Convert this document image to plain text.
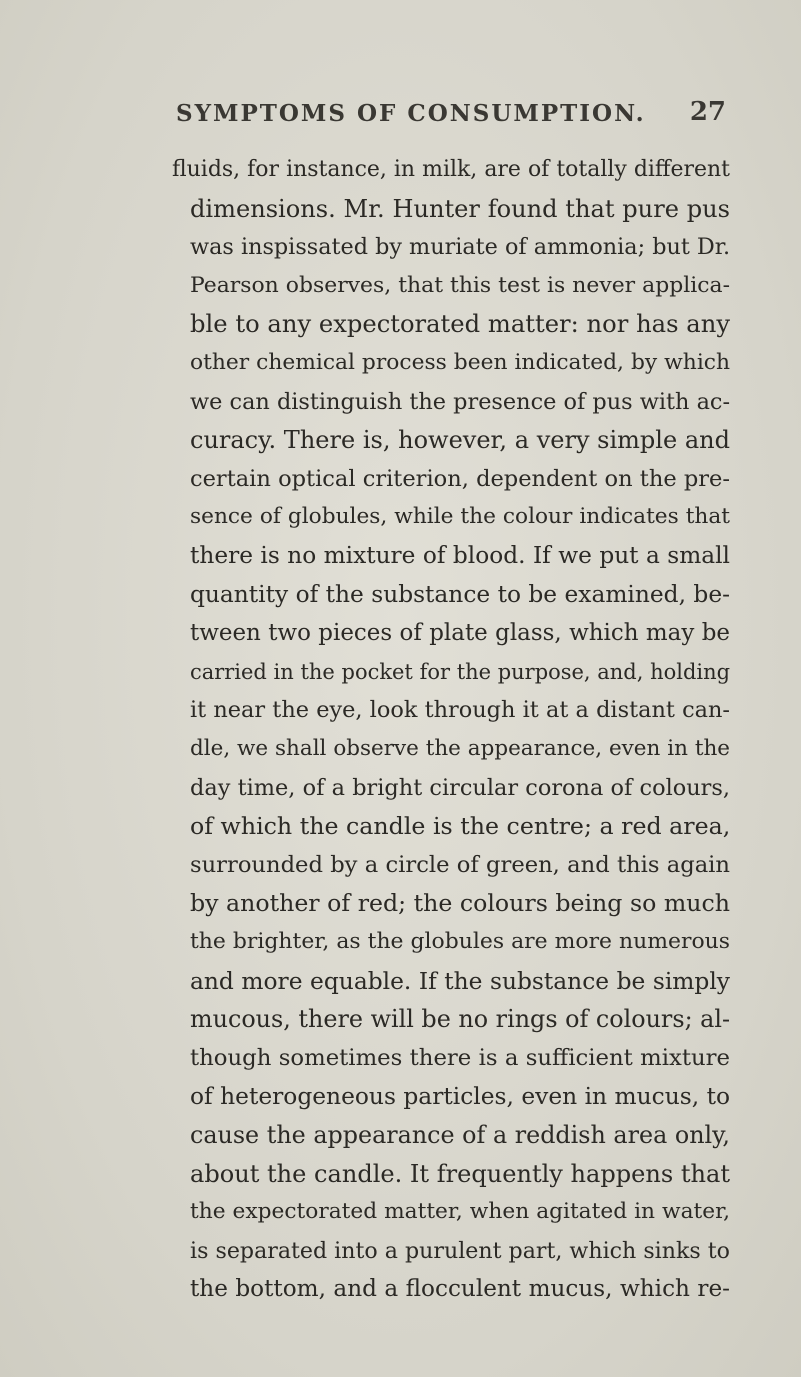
SYMPTOMS OF CONSUMPTION. 27
fluids, for instance, in milk, are of totally different
dimensions. Mr. Hunter found that pure pus
was inspissated by muriate of ammonia; but Dr.
Pearson observes, that this test is never applica-
ble to any expectorated matter: nor has any
other chemical process been indicated, by which
we can distinguish the presence of pus with ac-
curacy. There is, however, a very simple and
certain optical criterion, dependent on the pre-
sence of globules, while the colour indicates that
there is no mixture of blood. If we put a small
quantity of the substance to be examined, be-
tween two pieces of plate glass, which may be
carried in the pocket for the purpose, and, holding
it near the eye, look through it at a distant can-
dle, we shall observe the appearance, even in the
day time, of a bright circular corona of colours,
of which the candle is the centre; a red area,
surrounded by a circle of green, and this again
by another of red; the colours being so much
the brighter, as the globules are more numerous
and more equable. If the substance be simply
mucous, there will be no rings of colours; al-
though sometimes there is a sufficient mixture
of heterogeneous particles, even in mucus, to
cause the appearance of a reddish area only,
about the candle. It frequently happens that
the expectorated matter, when agitated in water,
is separated into a purulent part, which sinks to
the bottom, and a flocculent mucus, which re-
